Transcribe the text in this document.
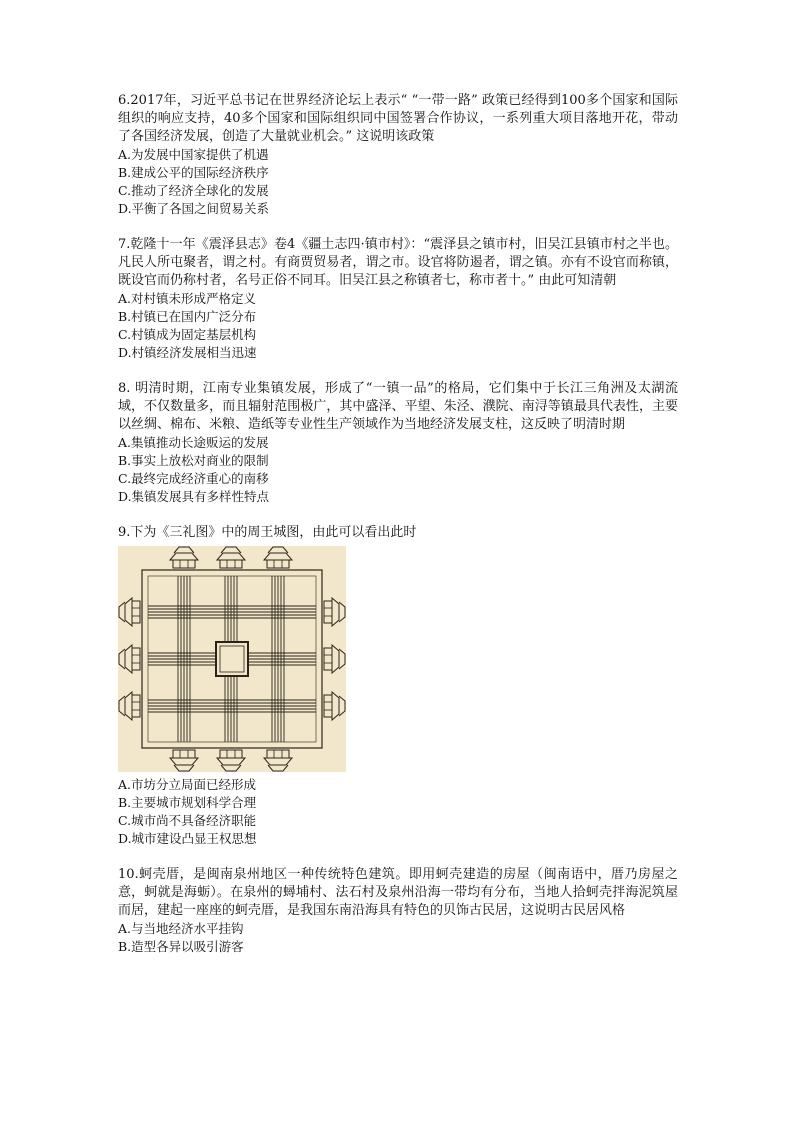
6.2017年，习近平总书记在世界经济论坛上表示“ “一带一路” 政策已经得到100多个国家和国际组织的响应支持，40多个国家和国际组织同中国签署合作协议，一系列重大项目落地开花，带动了各国经济发展，创造了大量就业机会。” 这说明该政策

A.为发展中国家提供了机遇
B.建成公平的国际经济秩序
C.推动了经济全球化的发展
D.平衡了各国之间贸易关系

7.乾隆十一年《震泽县志》卷4《疆土志四·镇市村》：“震泽县之镇市村，旧吴江县镇市村之半也。凡民人所屯聚者，谓之村。有商贾贸易者，谓之市。设官将防遏者，谓之镇。亦有不设官而称镇，既设官而仍称村者，名号正俗不同耳。旧吴江县之称镇者七，称市者十。” 由此可知清朝

A.对村镇未形成严格定义
B.村镇已在国内广泛分布
C.村镇成为固定基层机构
D.村镇经济发展相当迅速

8. 明清时期，江南专业集镇发展，形成了“一镇一品”的格局，它们集中于长江三角洲及太湖流域，不仅数量多，而且辐射范围极广，其中盛泽、平望、朱泾、濮院、南浔等镇最具代表性，主要以丝绸、棉布、米粮、造纸等专业性生产领域作为当地经济发展支柱，这反映了明清时期

A.集镇推动长途贩运的发展
B.事实上放松对商业的限制
C.最终完成经济重心的南移
D.集镇发展具有多样性特点

9.下为《三礼图》中的周王城图，由此可以看出此时

A.市坊分立局面已经形成
B.主要城市规划科学合理
C.城市尚不具备经济职能
D.城市建设凸显王权思想

10.蚵壳厝，是闽南泉州地区一种传统特色建筑。即用蚵壳建造的房屋（闽南语中，厝乃房屋之意，蚵就是海蛎）。在泉州的蟳埔村、法石村及泉州沿海一带均有分布，当地人拾蚵壳拌海泥筑屋而居，建起一座座的蚵壳厝，是我国东南沿海具有特色的贝饰古民居，这说明古民居风格

A.与当地经济水平挂钩
B.造型各异以吸引游客
